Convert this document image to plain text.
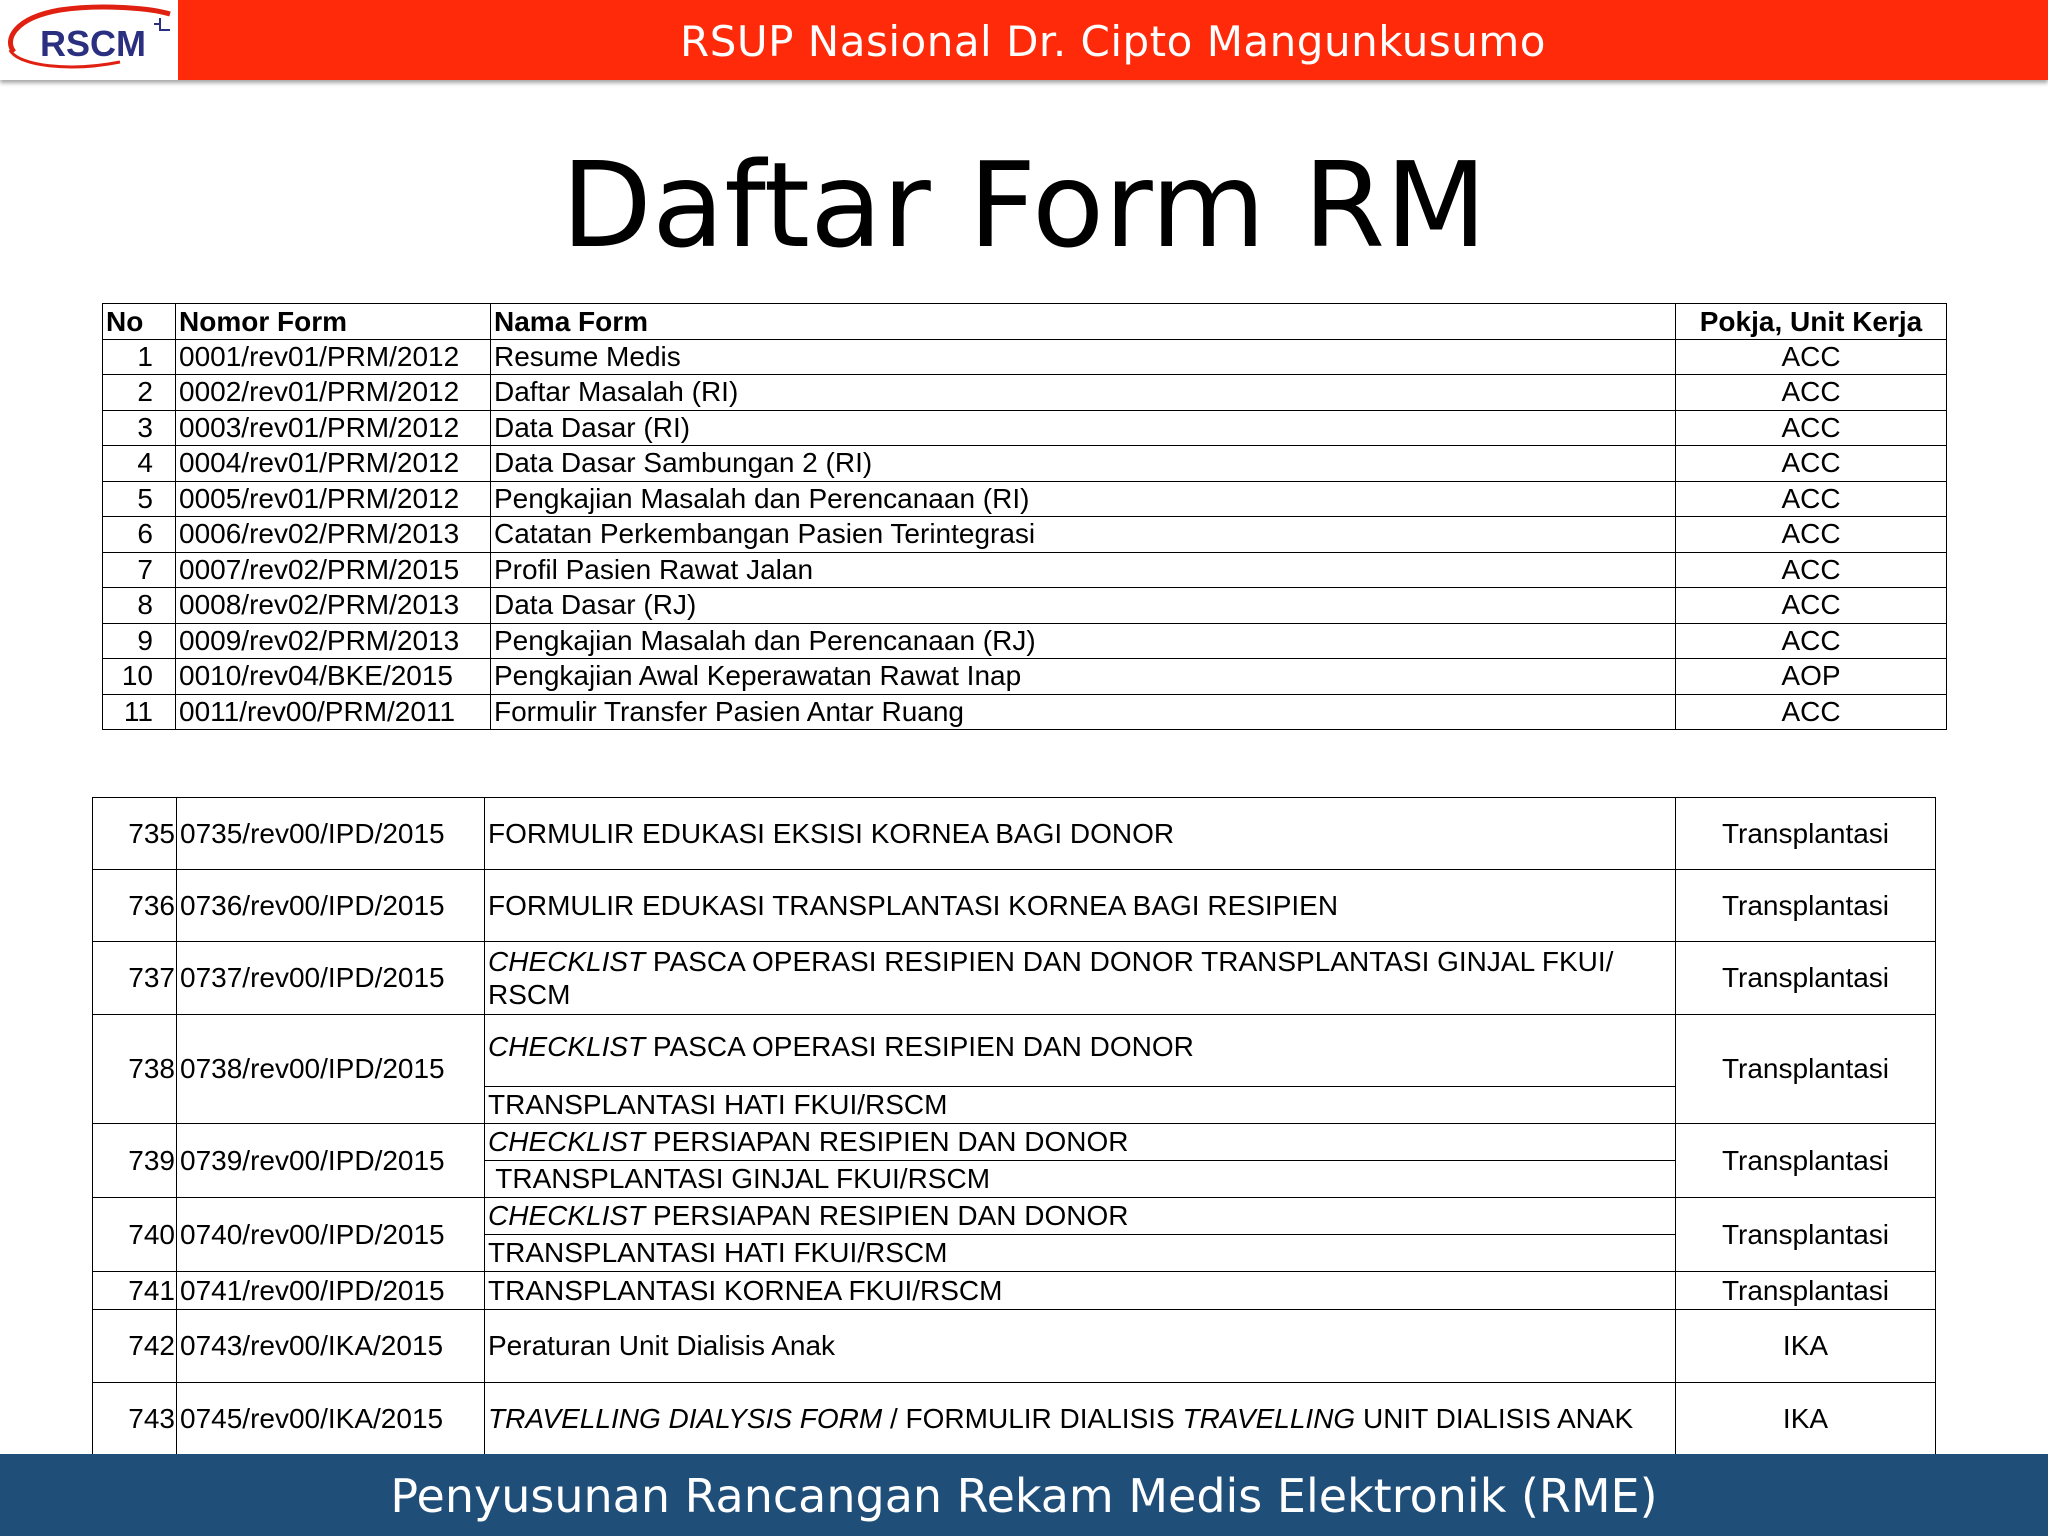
RSCM	RSUP Nasional Dr. Cipto Mangunkusumo
Daftar Form RM
No	Nomor Form	Nama Form	Pokja, Unit Kerja
1	0001/rev01/PRM/2012	Resume Medis	ACC
2	0002/rev01/PRM/2012	Daftar Masalah (RI)	ACC
3	0003/rev01/PRM/2012	Data Dasar (RI)	ACC
4	0004/rev01/PRM/2012	Data Dasar Sambungan 2 (RI)	ACC
5	0005/rev01/PRM/2012	Pengkajian Masalah dan Perencanaan (RI)	ACC
6	0006/rev02/PRM/2013	Catatan Perkembangan Pasien Terintegrasi	ACC
7	0007/rev02/PRM/2015	Profil Pasien Rawat Jalan	ACC
8	0008/rev02/PRM/2013	Data Dasar (RJ)	ACC
9	0009/rev02/PRM/2013	Pengkajian Masalah dan Perencanaan (RJ)	ACC
10	0010/rev04/BKE/2015	Pengkajian Awal Keperawatan Rawat Inap	AOP
11	0011/rev00/PRM/2011	Formulir Transfer Pasien Antar Ruang	ACC
735	0735/rev00/IPD/2015	FORMULIR EDUKASI EKSISI KORNEA BAGI DONOR	Transplantasi
736	0736/rev00/IPD/2015	FORMULIR EDUKASI TRANSPLANTASI KORNEA BAGI RESIPIEN	Transplantasi
737	0737/rev00/IPD/2015	CHECKLIST PASCA OPERASI RESIPIEN DAN DONOR TRANSPLANTASI GINJAL FKUI/ RSCM	Transplantasi
738	0738/rev00/IPD/2015	CHECKLIST PASCA OPERASI RESIPIEN DAN DONOR	Transplantasi
		TRANSPLANTASI HATI FKUI/RSCM	
739	0739/rev00/IPD/2015	CHECKLIST PERSIAPAN RESIPIEN DAN DONOR	Transplantasi
		TRANSPLANTASI GINJAL FKUI/RSCM	
740	0740/rev00/IPD/2015	CHECKLIST PERSIAPAN RESIPIEN DAN DONOR	Transplantasi
		TRANSPLANTASI HATI FKUI/RSCM	
741	0741/rev00/IPD/2015	TRANSPLANTASI KORNEA FKUI/RSCM	Transplantasi
742	0743/rev00/IKA/2015	Peraturan Unit Dialisis Anak	IKA
743	0745/rev00/IKA/2015	TRAVELLING DIALYSIS FORM / FORMULIR DIALISIS TRAVELLING UNIT DIALISIS ANAK	IKA
Penyusunan Rancangan Rekam Medis Elektronik (RME)
